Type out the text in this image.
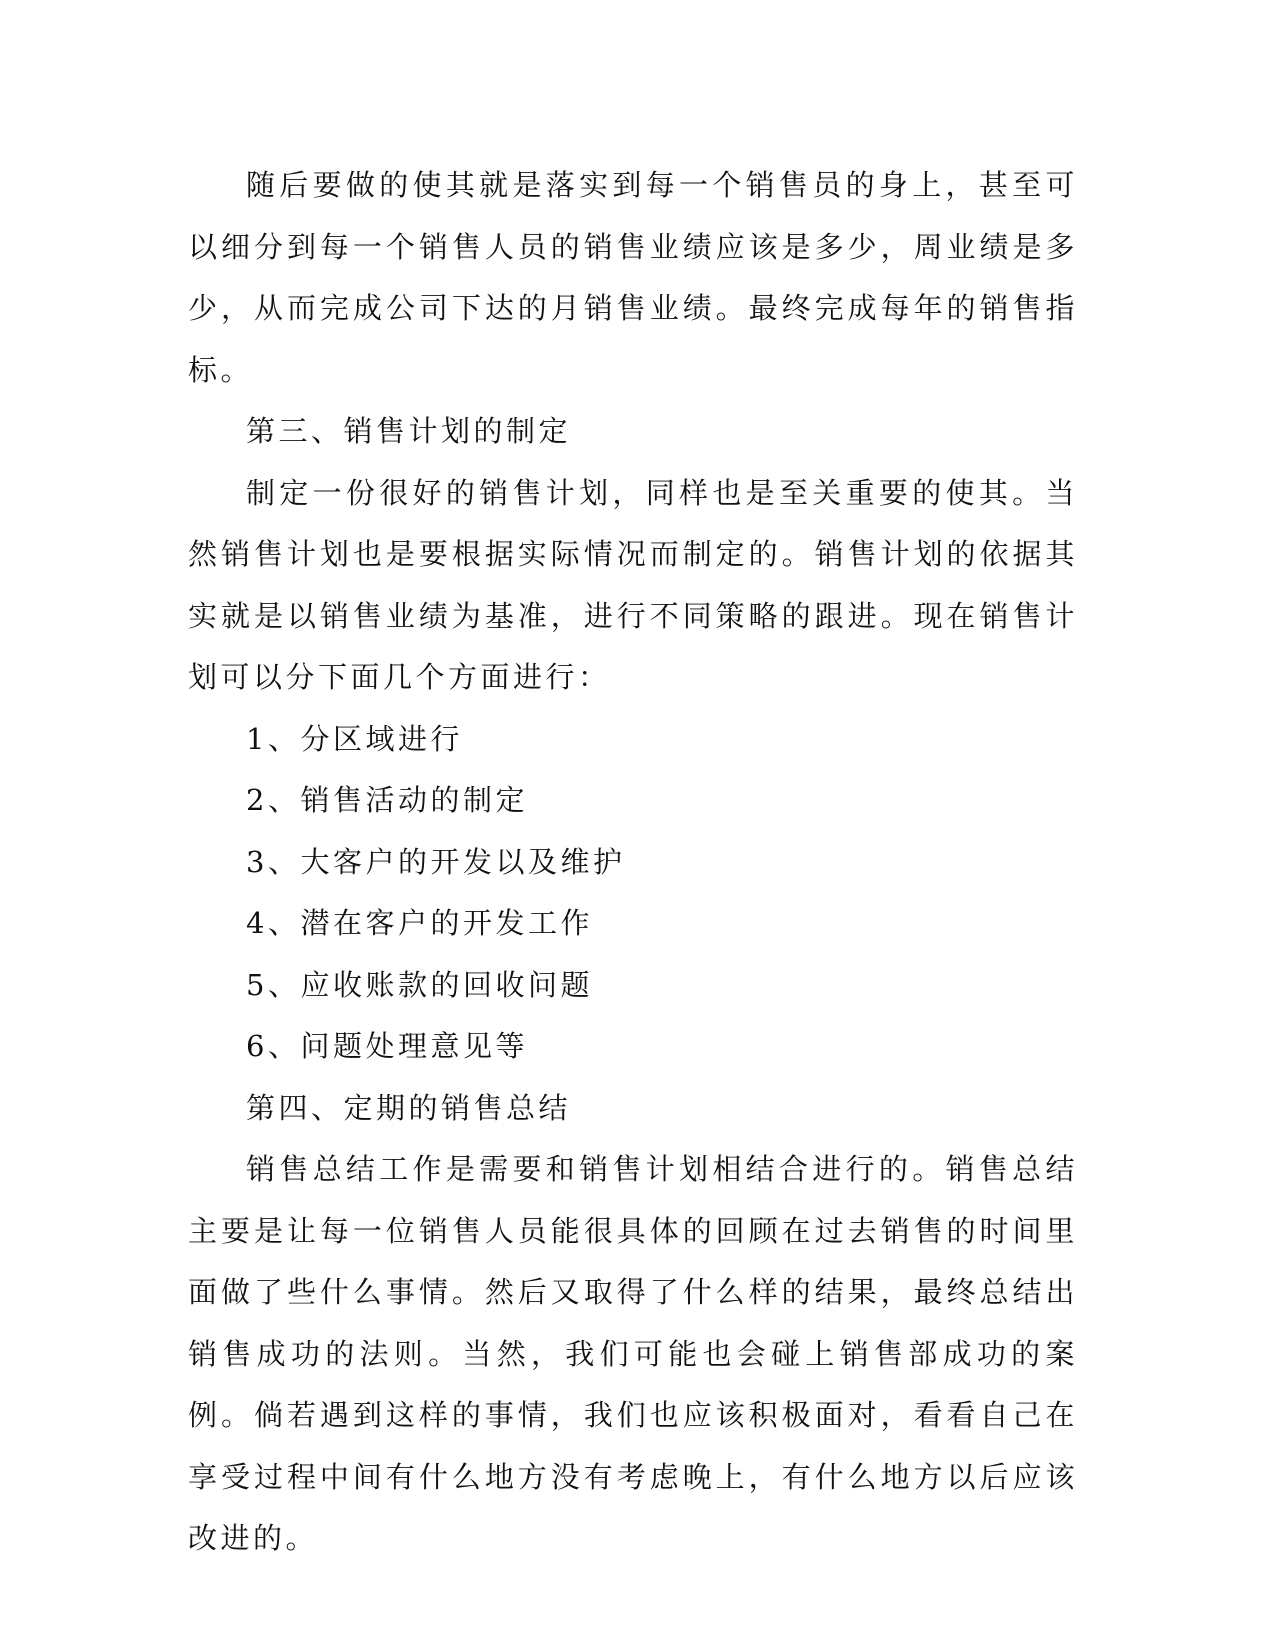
随后要做的使其就是落实到每一个销售员的身上，甚至可以细分到每一个销售人员的销售业绩应该是多少，周业绩是多少，从而完成公司下达的月销售业绩。最终完成每年的销售指标。

第三、销售计划的制定

制定一份很好的销售计划，同样也是至关重要的使其。当然销售计划也是要根据实际情况而制定的。销售计划的依据其实就是以销售业绩为基准，进行不同策略的跟进。现在销售计划可以分下面几个方面进行：

1、分区域进行

2、销售活动的制定

3、大客户的开发以及维护

4、潜在客户的开发工作

5、应收账款的回收问题

6、问题处理意见等

第四、定期的销售总结

销售总结工作是需要和销售计划相结合进行的。销售总结主要是让每一位销售人员能很具体的回顾在过去销售的时间里面做了些什么事情。然后又取得了什么样的结果，最终总结出销售成功的法则。当然，我们可能也会碰上销售部成功的案例。倘若遇到这样的事情，我们也应该积极面对，看看自己在享受过程中间有什么地方没有考虑晚上，有什么地方以后应该改进的。
